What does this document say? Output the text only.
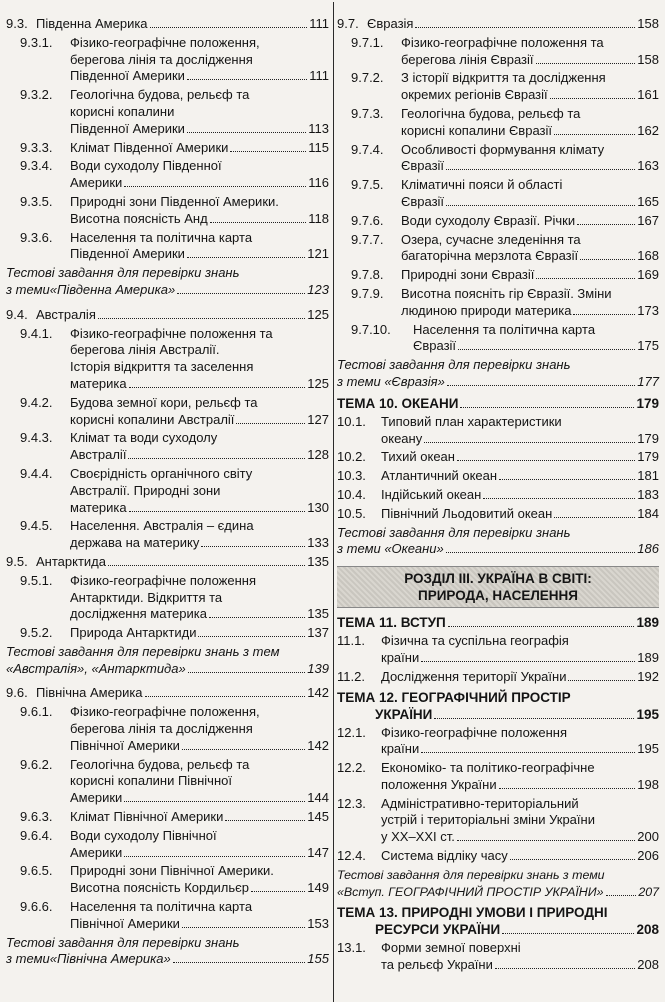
9.3. Південна Америка	111
9.3.1.	Фізико-географічне положення,
берегова лінія та дослідження
Південної Америки	111
9.3.2.	Геологічна будова, рельєф та
корисні копалини
Південної Америки	113
9.3.3.	Клімат Південної Америки	115
9.3.4.	Води суходолу Південної
Америки	116
9.3.5.	Природні зони Південної Америки.
Висотна поясність Анд	118
9.3.6.	Населення та політична карта
Південної Америки	121
Тестові завдання для перевірки знань
з теми«Південна Америка»	123
9.4. Австралія	125
9.4.1.	Фізико-географічне положення та
берегова лінія Австралії.
Історія відкриття та заселення
материка	125
9.4.2.	Будова земної кори, рельєф та
корисні копалини Австралії	127
9.4.3.	Клімат та води суходолу
Австралії	128
9.4.4.	Своєрідність органічного світу
Австралії. Природні зони
материка	130
9.4.5.	Населення. Австралія – єдина
держава на материку	133
9.5. Антарктида	135
9.5.1.	Фізико-географічне положення
Антарктиди. Відкриття та
дослідження материка	135
9.5.2.	Природа Антарктиди	137
Тестові завдання для перевірки знань з тем
«Австралія», «Антарктида»	139
9.6. Північна Америка	142
9.6.1.	Фізико-географічне положення,
берегова лінія та дослідження
Північної Америки	142
9.6.2.	Геологічна будова, рельєф та
корисні копалини Північної
Америки	144
9.6.3.	Клімат Північної Америки	145
9.6.4.	Води суходолу Північної
Америки	147
9.6.5.	Природні зони Північної Америки.
Висотна поясність Кордильєр	149
9.6.6.	Населення та політична карта
Північної Америки	153
Тестові завдання для перевірки знань
з теми«Північна Америка»	155
9.7. Євразія	158
9.7.1.	Фізико-географічне положення та
берегова лінія Євразії	158
9.7.2.	З історії відкриття та дослідження
окремих регіонів Євразії	161
9.7.3.	Геологічна будова, рельєф та
корисні копалини Євразії	162
9.7.4.	Особливості формування клімату
Євразії	163
9.7.5.	Кліматичні пояси й області
Євразії	165
9.7.6.	Води суходолу Євразії. Річки	167
9.7.7.	Озера, сучасне зледеніння та
багаторічна мерзлота Євразії	168
9.7.8.	Природні зони Євразії	169
9.7.9.	Висотна поясніть гір Євразії. Зміни
людиною природи материка	173
9.7.10.	Населення та політична карта
Євразії	175
Тестові завдання для перевірки знань
з теми «Євразія»	177
ТЕМА 10. ОКЕАНИ	179
10.1.	Типовий план характеристики
океану	179
10.2.	Тихий океан	179
10.3.	Атлантичний океан	181
10.4.	Індійський океан	183
10.5.	Північний Льодовитий океан	184
Тестові завдання для перевірки знань
з теми «Океани»	186
РОЗДІЛ ІІІ. УКРАЇНА В СВІТІ:
ПРИРОДА, НАСЕЛЕННЯ
ТЕМА 11. ВСТУП	189
11.1.	Фізична та суспільна географія
країни	189
11.2.	Дослідження території України	192
ТЕМА 12. ГЕОГРАФІЧНИЙ ПРОСТІР
УКРАЇНИ	195
12.1.	Фізико-географічне положення
країни	195
12.2.	Економіко- та політико-географічне
положення України	198
12.3.	Адміністративно-територіальний
устрій і територіальні зміни України
у XX–XXI ст.	200
12.4.	Система відліку часу	206
Тестові завдання для перевірки знань з теми
«Вступ. ГЕОГРАФІЧНИЙ ПРОСТІР УКРАЇНИ»	207
ТЕМА 13. ПРИРОДНІ УМОВИ І ПРИРОДНІ
РЕСУРСИ УКРАЇНИ	208
13.1.	Форми земної поверхні
та рельєф України	208
